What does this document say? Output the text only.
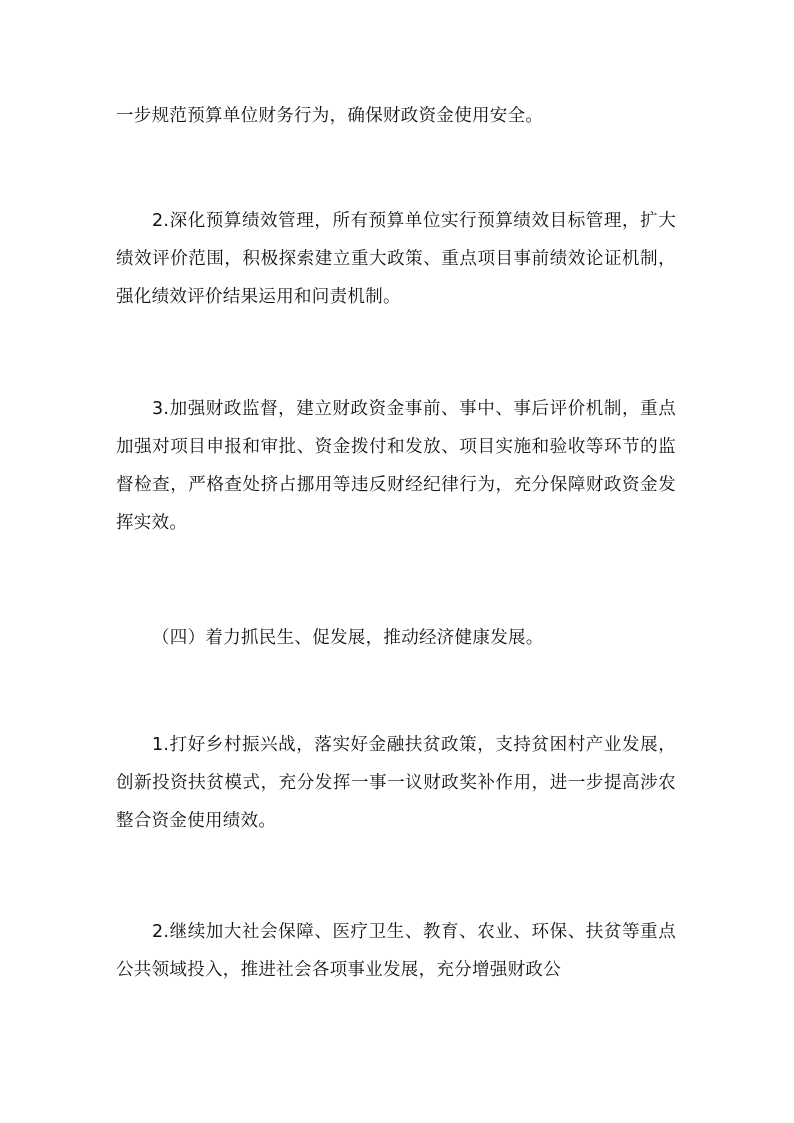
一步规范预算单位财务行为，确保财政资金使用安全。

2.深化预算绩效管理，所有预算单位实行预算绩效目标管理，扩大绩效评价范围，积极探索建立重大政策、重点项目事前绩效论证机制，强化绩效评价结果运用和问责机制。

3.加强财政监督，建立财政资金事前、事中、事后评价机制，重点加强对项目申报和审批、资金拨付和发放、项目实施和验收等环节的监督检查，严格查处挤占挪用等违反财经纪律行为，充分保障财政资金发挥实效。

（四）着力抓民生、促发展，推动经济健康发展。

1.打好乡村振兴战，落实好金融扶贫政策，支持贫困村产业发展，创新投资扶贫模式，充分发挥一事一议财政奖补作用，进一步提高涉农整合资金使用绩效。

2.继续加大社会保障、医疗卫生、教育、农业、环保、扶贫等重点公共领域投入，推进社会各项事业发展，充分增强财政公
